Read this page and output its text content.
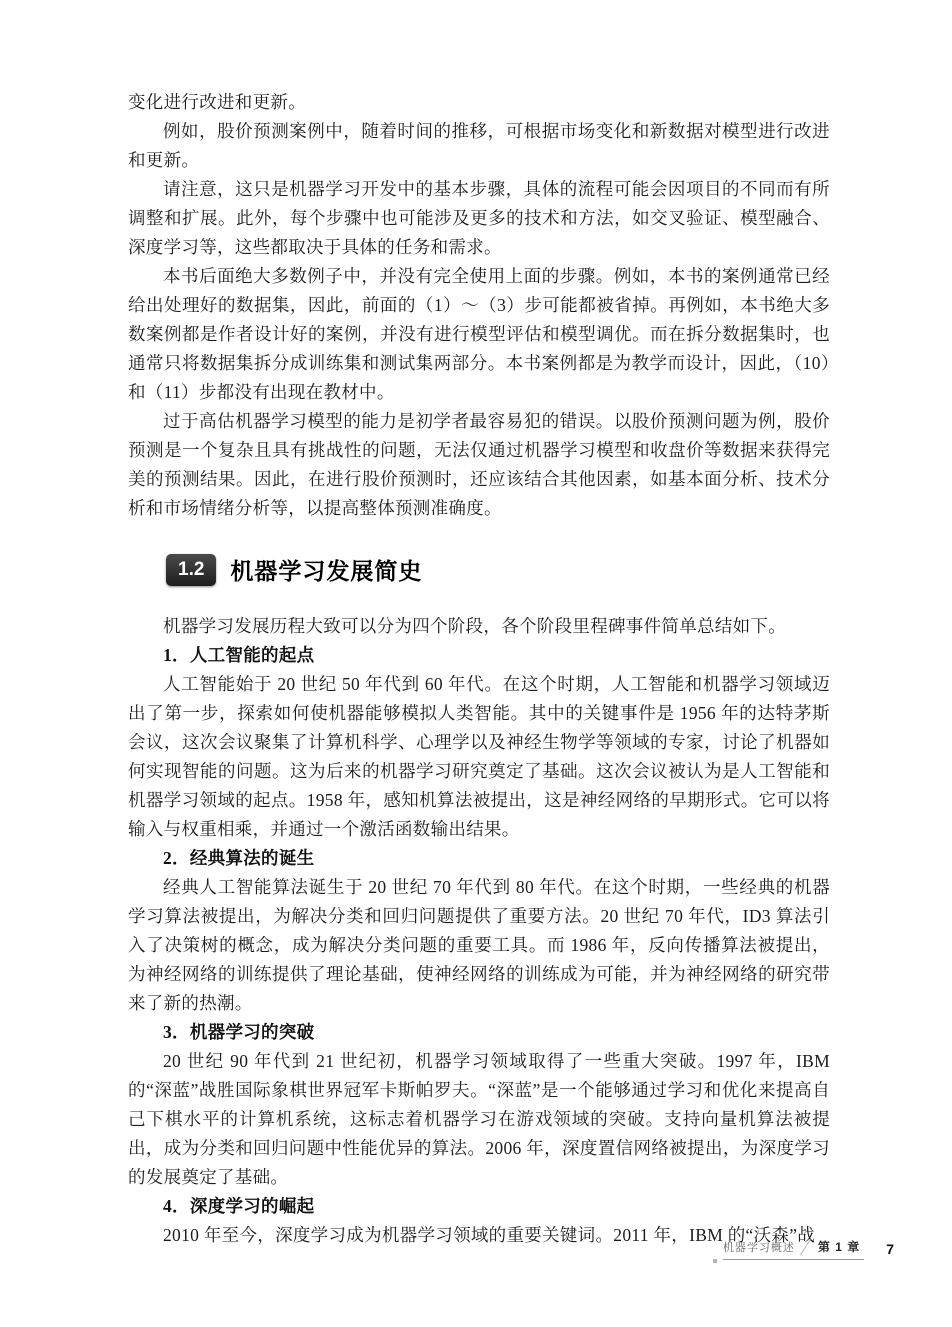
变化进行改进和更新。

例如，股价预测案例中，随着时间的推移，可根据市场变化和新数据对模型进行改进和更新。

请注意，这只是机器学习开发中的基本步骤，具体的流程可能会因项目的不同而有所调整和扩展。此外，每个步骤中也可能涉及更多的技术和方法，如交叉验证、模型融合、深度学习等，这些都取决于具体的任务和需求。

本书后面绝大多数例子中，并没有完全使用上面的步骤。例如，本书的案例通常已经给出处理好的数据集，因此，前面的（1）～（3）步可能都被省掉。再例如，本书绝大多数案例都是作者设计好的案例，并没有进行模型评估和模型调优。而在拆分数据集时，也通常只将数据集拆分成训练集和测试集两部分。本书案例都是为教学而设计，因此，（10）和（11）步都没有出现在教材中。

过于高估机器学习模型的能力是初学者最容易犯的错误。以股价预测问题为例，股价预测是一个复杂且具有挑战性的问题，无法仅通过机器学习模型和收盘价等数据来获得完美的预测结果。因此，在进行股价预测时，还应该结合其他因素，如基本面分析、技术分析和市场情绪分析等，以提高整体预测准确度。

1.2	机器学习发展简史

机器学习发展历程大致可以分为四个阶段，各个阶段里程碑事件简单总结如下。

1．人工智能的起点

人工智能始于 20 世纪 50 年代到 60 年代。在这个时期，人工智能和机器学习领域迈出了第一步，探索如何使机器能够模拟人类智能。其中的关键事件是 1956 年的达特茅斯会议，这次会议聚集了计算机科学、心理学以及神经生物学等领域的专家，讨论了机器如何实现智能的问题。这为后来的机器学习研究奠定了基础。这次会议被认为是人工智能和机器学习领域的起点。1958 年，感知机算法被提出，这是神经网络的早期形式。它可以将输入与权重相乘，并通过一个激活函数输出结果。

2．经典算法的诞生

经典人工智能算法诞生于 20 世纪 70 年代到 80 年代。在这个时期，一些经典的机器学习算法被提出，为解决分类和回归问题提供了重要方法。20 世纪 70 年代，ID3 算法引入了决策树的概念，成为解决分类问题的重要工具。而 1986 年，反向传播算法被提出，为神经网络的训练提供了理论基础，使神经网络的训练成为可能，并为神经网络的研究带来了新的热潮。

3．机器学习的突破

20 世纪 90 年代到 21 世纪初，机器学习领域取得了一些重大突破。1997 年，IBM 的“深蓝”战胜国际象棋世界冠军卡斯帕罗夫。“深蓝”是一个能够通过学习和优化来提高自己下棋水平的计算机系统，这标志着机器学习在游戏领域的突破。支持向量机算法被提出，成为分类和回归问题中性能优异的算法。2006 年，深度置信网络被提出，为深度学习的发展奠定了基础。

4．深度学习的崛起

2010 年至今，深度学习成为机器学习领域的重要关键词。2011 年，IBM 的“沃森”战

机器学习概述	第 1 章 7
